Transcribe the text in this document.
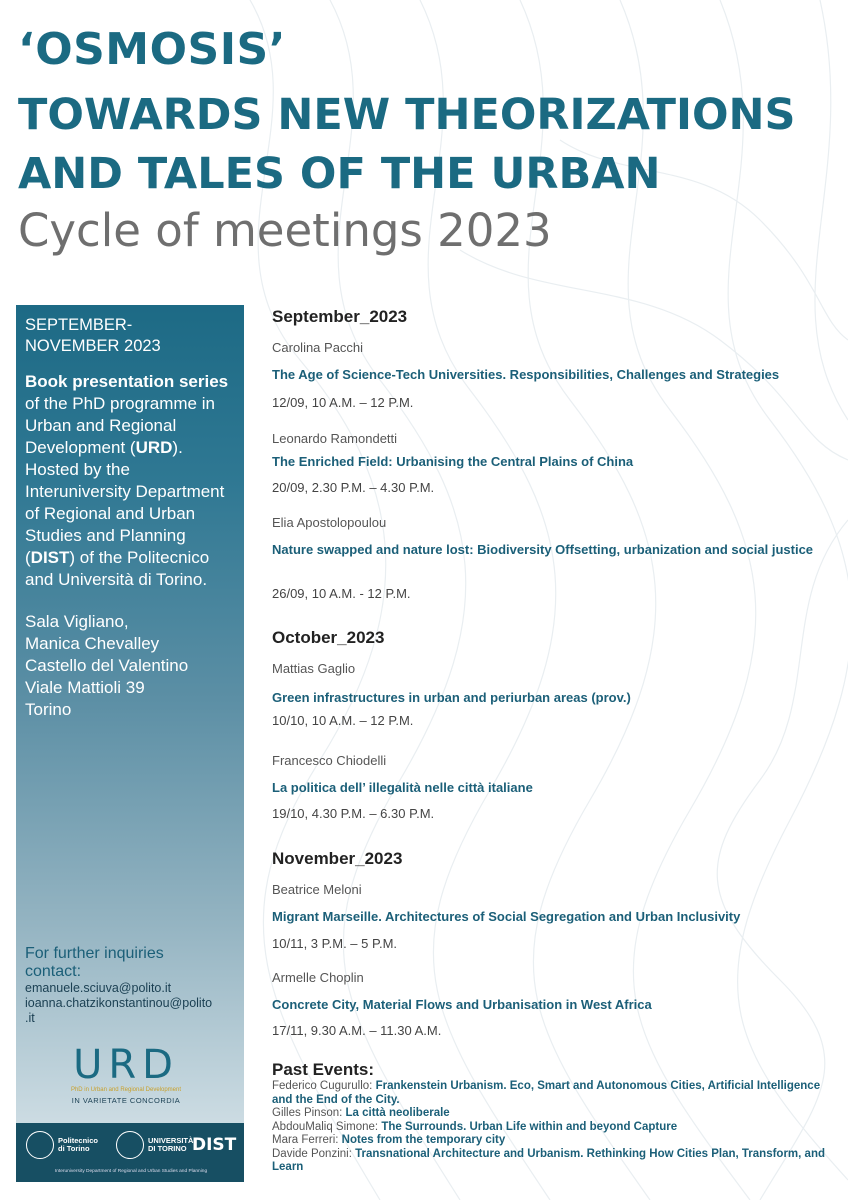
‘OSMOSIS’
TOWARDS NEW THEORIZATIONS
AND TALES OF THE URBAN
Cycle of meetings 2023
SEPTEMBER-
NOVEMBER 2023
Book presentation series
of the PhD programme in Urban and Regional Development (URD). Hosted by the Interuniversity Department of Regional and Urban Studies and Planning (DIST) of the Politecnico and Università di Torino.
Sala Vigliano,
Manica Chevalley
Castello del Valentino
Viale Mattioli 39
Torino
For further inquiries
contact:
emanuele.sciuva@polito.it
ioanna.chatzikonstantinou@polito
.it
URD
PhD in Urban and Regional Development
IN VARIETATE CONCORDIA
Politecnico
di Torino
UNIVERSITÀ
DI TORINO DIST
Interuniversity Department of Regional and Urban Studies and Planning
September_2023
Carolina Pacchi
The Age of Science-Tech Universities. Responsibilities, Challenges and Strategies
12/09, 10 A.M. – 12 P.M.
Leonardo Ramondetti
The Enriched Field: Urbanising the Central Plains of China
20/09, 2.30 P.M. – 4.30 P.M.
Elia Apostolopoulou
Nature swapped and nature lost: Biodiversity Offsetting, urbanization and social justice
26/09, 10 A.M. - 12 P.M.
October_2023
Mattias Gaglio
Green infrastructures in urban and periurban areas (prov.)
10/10, 10 A.M. – 12 P.M.
Francesco Chiodelli
La politica dell’ illegalità nelle città italiane
19/10, 4.30 P.M. – 6.30 P.M.
November_2023
Beatrice Meloni
Migrant Marseille. Architectures of Social Segregation and Urban Inclusivity
10/11, 3 P.M. – 5 P.M.
Armelle Choplin
Concrete City, Material Flows and Urbanisation in West Africa
17/11, 9.30 A.M. – 11.30 A.M.
Past Events:
Federico Cugurullo: Frankenstein Urbanism. Eco, Smart and Autonomous Cities, Artificial Intelligence and the End of the City.
Gilles Pinson: La città neoliberale
AbdouMaliq Simone: The Surrounds. Urban Life within and beyond Capture
Mara Ferreri: Notes from the temporary city
Davide Ponzini: Transnational Architecture and Urbanism. Rethinking How Cities Plan, Transform, and Learn
